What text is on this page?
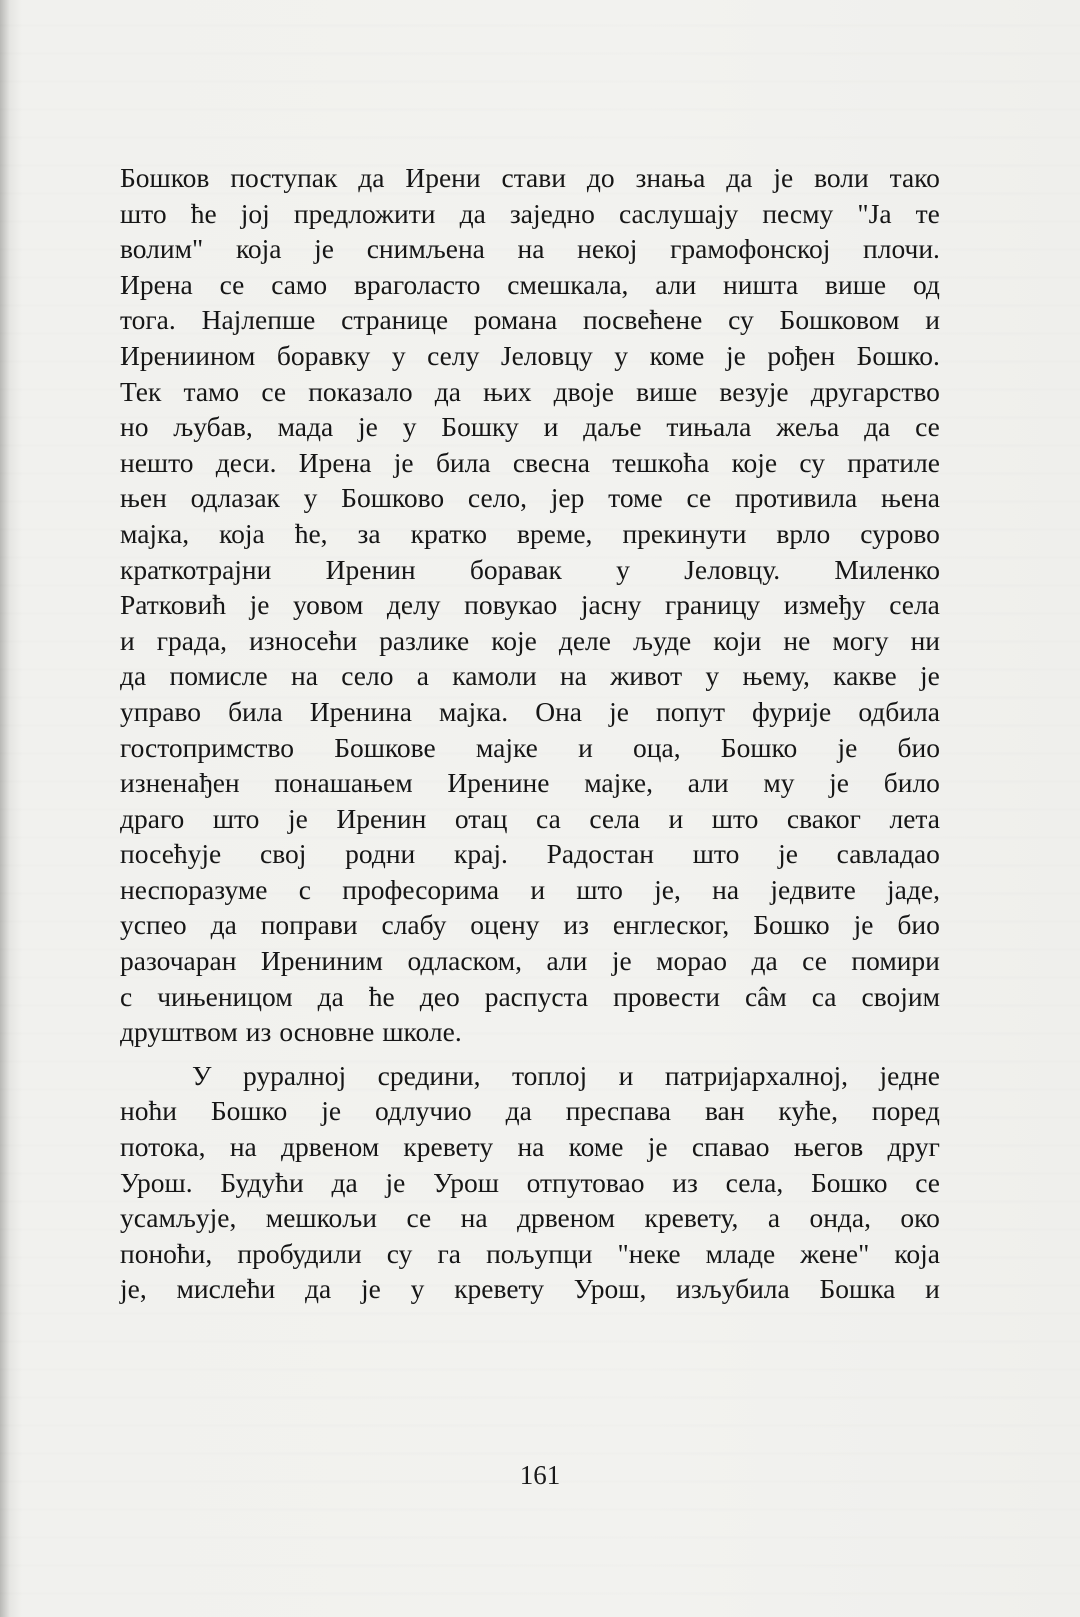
Бошков поступак да Ирени стави до знања да је воли тако
што ће јој предложити да заједно саслушају песму "Ја те
волим" која је снимљена на некој грамофонској плочи.
Ирена се само враголасто смешкала, али ништа више од
тога. Најлепше странице романа посвећене су Бошковом и
Ирениином боравку у селу Јеловцу у коме је рођен Бошко.
Тек тамо се показало да њих двоје више везује другарство
но љубав, мада је у Бошку и даље тињала жеља да се
нешто деси. Ирена је била свесна тешкоћа које су пратиле
њен одлазак у Бошково село, јер томе се противила њена
мајка, која ће, за кратко време, прекинути врло сурово
краткотрајни Иренин боравак у Јеловцу. Миленко
Ратковић је уовом делу повукао јасну границу између села
и града, износећи разлике које деле људе који не могу ни
да помисле на село а камоли на живот у њему, какве је
управо била Иренина мајка. Она је попут фурије одбила
гостопримство Бошкове мајке и оца, Бошко је био
изненађен понашањем Иренине мајке, али му је било
драго што је Иренин отац са села и што сваког лета
посећује свој родни крај. Радостан што је савладао
неспоразуме с професорима и што је, на једвите јаде,
успео да поправи слабу оцену из енглеског, Бошко је био
разочаран Ирениним одласком, али је морао да се помири
с чињеницом да ће део распуста провести сâм са својим
друштвом из основне школе.
У руралној средини, топлој и патријархалној, једне
ноћи Бошко је одлучио да преспава ван куће, поред
потока, на дрвеном кревету на коме је спавао његов друг
Урош. Будући да је Урош отпутовао из села, Бошко се
усамљује, мешкољи се на дрвеном кревету, а онда, око
поноћи, пробудили су га пољупци "неке младе жене" која
је, мислећи да је у кревету Урош, изљубила Бошка и
161
